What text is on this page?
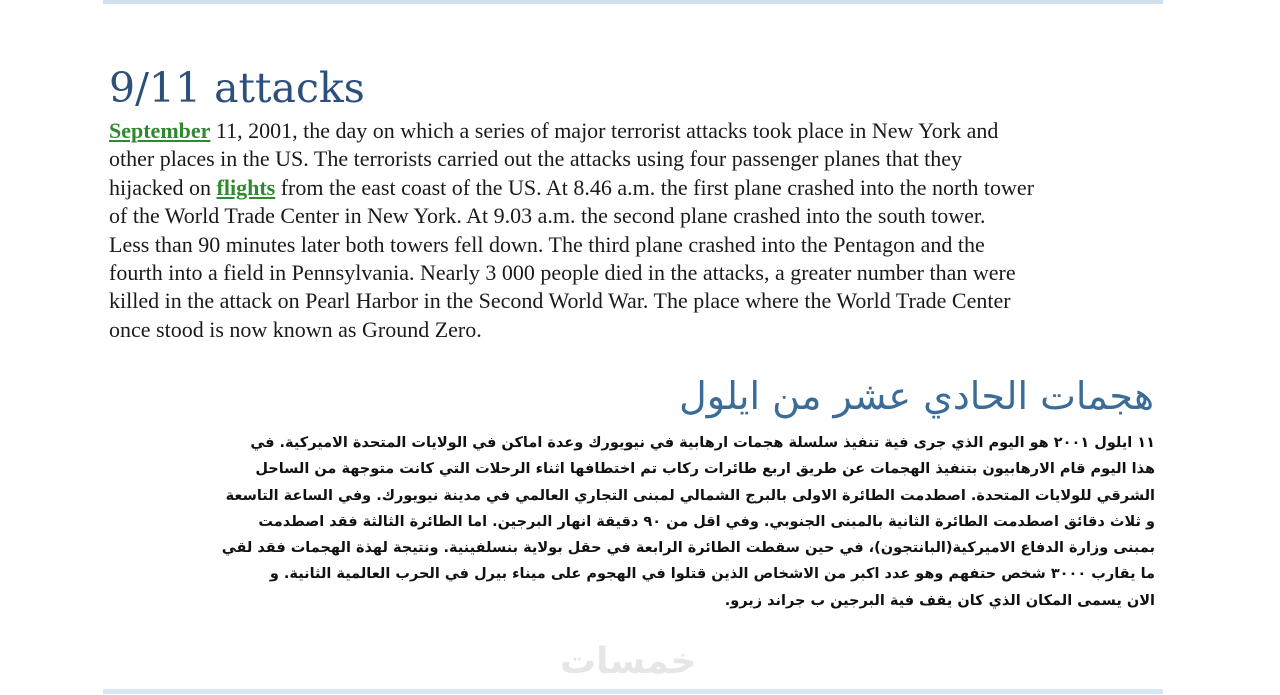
9/11 attacks

September 11, 2001, the day on which a series of major terrorist attacks took place in New York and
other places in the US. The terrorists carried out the attacks using four passenger planes that they
hijacked on flights from the east coast of the US. At 8.46 a.m. the first plane crashed into the north tower
of the World Trade Center in New York. At 9.03 a.m. the second plane crashed into the south tower.
Less than 90 minutes later both towers fell down. The third plane crashed into the Pentagon and the
fourth into a field in Pennsylvania. Nearly 3 000 people died in the attacks, a greater number than were
killed in the attack on Pearl Harbor in the Second World War. The place where the World Trade Center
once stood is now known as Ground Zero.

هجمات الحادي عشر من ايلول

١١ ايلول ٢٠٠١ هو اليوم الذي جرى فية تنفيذ سلسلة هجمات ارهابية في نيويورك وعدة اماكن في الولايات المتحدة الاميركية. في
هذا اليوم قام الارهابيون بتنفيذ الهجمات عن طريق اربع طائرات ركاب تم اختطافها اثناء الرحلات التي كانت متوجهة من الساحل
الشرقي للولايات المتحدة. اصطدمت الطائرة الاولى بالبرج الشمالي لمبنى التجاري العالمي في مدينة نيويورك. وفي الساعة التاسعة
و ثلاث دقائق اصطدمت الطائرة الثانية بالمبنى الجنوبي. وفي اقل من ٩٠ دقيقة انهار البرجين. اما الطائرة الثالثة فقد اصطدمت
بمبنى وزارة الدفاع الاميركية(البانتجون)، في حين سقطت الطائرة الرابعة في حقل بولاية بنسلفينية. ونتيجة لهذة الهجمات فقد لقي
ما يقارب ٣٠٠٠ شخص حتفهم وهو عدد اكبر من الاشخاص الذين قتلوا في الهجوم على ميناء بيرل في الحرب العالمية الثانية. و
الان يسمى المكان الذي كان يقف فية البرجين ب جراند زيرو.

خمسات
